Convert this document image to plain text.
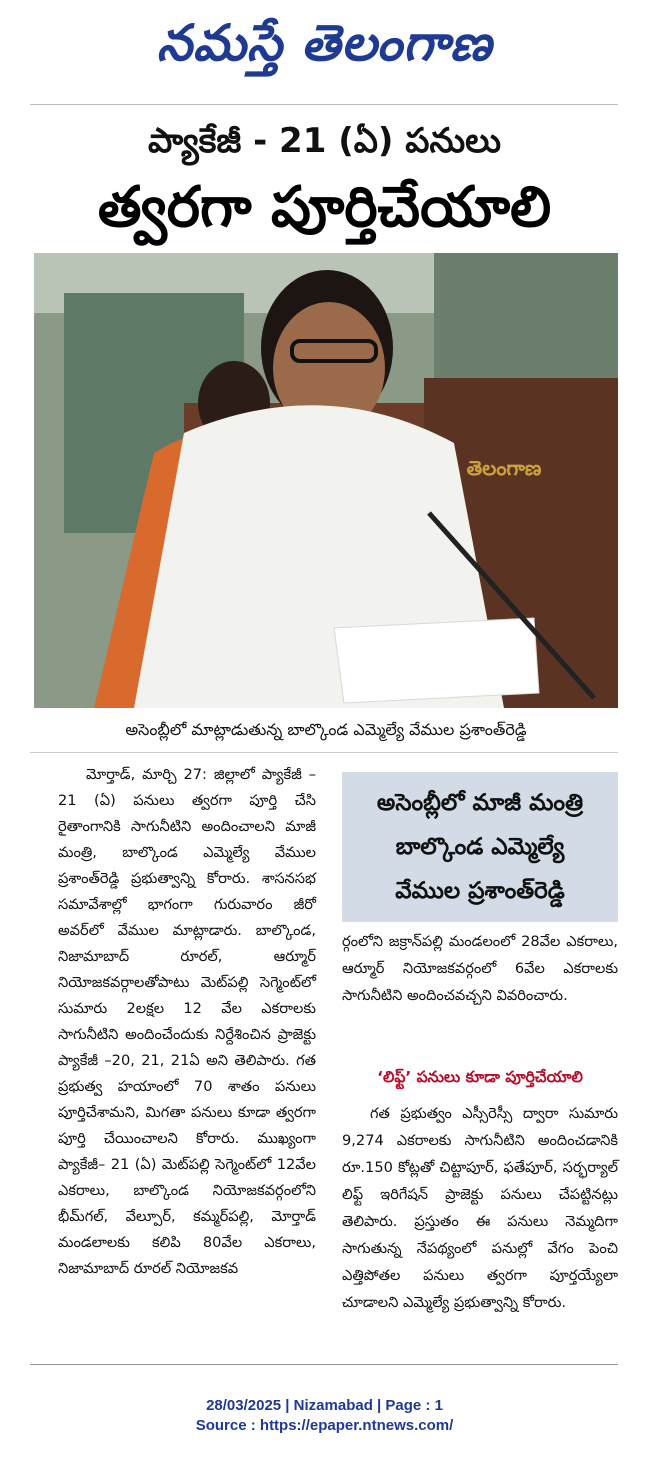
నమస్తే తెలంగాణ
ప్యాకేజీ - 21 (ఏ) పనులు
త్వరగా పూర్తిచేయాలి
తెలంగాణ
అసెంబ్లీలో మాట్లాడుతున్న బాల్కొండ ఎమ్మెల్యే వేముల ప్రశాంత్‌రెడ్డి

మోర్తాడ్, మార్చి 27: జిల్లాలో ప్యాకేజీ –21 (ఏ) పనులు త్వరగా పూర్తి చేసి రైతాంగానికి సాగునీటిని అందించాలని మాజీ మంత్రి, బాల్కొండ ఎమ్మెల్యే వేముల ప్రశాంత్‌రెడ్డి ప్రభుత్వాన్ని కోరారు. శాసనసభ సమావేశాల్లో భాగంగా గురువారం జీరో అవర్‌లో వేముల మాట్లాడారు. బాల్కొండ, నిజామాబాద్ రూరల్, ఆర్మూర్ నియోజకవర్గాలతోపాటు మెట్‌పల్లి సెగ్మెంట్‌లో సుమారు 2లక్షల 12 వేల ఎకరాలకు సాగునీటిని అందించేందుకు నిర్దేశించిన ప్రాజెక్టు ప్యాకేజీ –20, 21, 21ఏ అని తెలిపారు. గత ప్రభుత్వ హయాంలో 70 శాతం పనులు పూర్తిచేశామని, మిగతా పనులు కూడా త్వరగా పూర్తి చేయించాలని కోరారు. ముఖ్యంగా ప్యాకేజీ– 21 (ఏ) మెట్‌పల్లి సెగ్మెంట్‌లో 12వేల ఎకరాలు, బాల్కొండ నియోజకవర్గంలోని భీమ్‌గల్, వేల్పూర్, కమ్మర్‌పల్లి, మోర్తాడ్ మండలాలకు కలిపి 80వేల ఎకరాలు, నిజామాబాద్ రూరల్ నియోజకవ

అసెంబ్లీలో మాజీ మంత్రి
బాల్కొండ ఎమ్మెల్యే
వేముల ప్రశాంత్‌రెడ్డి

ర్గంలోని జక్రాన్‌పల్లి మండలంలో 28వేల ఎకరాలు, ఆర్మూర్ నియోజకవర్గంలో 6వేల ఎకరాలకు సాగునీటిని అందించవచ్చని వివరించారు.

‘లిఫ్ట్’ పనులు కూడా పూర్తిచేయాలి

గత ప్రభుత్వం ఎస్సీరెస్సీ ద్వారా సుమారు 9,274 ఎకరాలకు సాగునీటిని అందించడానికి రూ.150 కోట్లతో చిట్టాపూర్, ఫతేపూర్, సర్భర్యాల్ లిఫ్ట్ ఇరిగేషన్ ప్రాజెక్టు పనులు చేపట్టినట్లు తెలిపారు. ప్రస్తుతం ఈ పనులు నెమ్మదిగా సాగుతున్న నేపథ్యంలో పనుల్లో వేగం పెంచి ఎత్తిపోతల పనులు త్వరగా పూర్తయ్యేలా చూడాలని ఎమ్మెల్యే ప్రభుత్వాన్ని కోరారు.

28/03/2025 | Nizamabad | Page : 1
Source : https://epaper.ntnews.com/
